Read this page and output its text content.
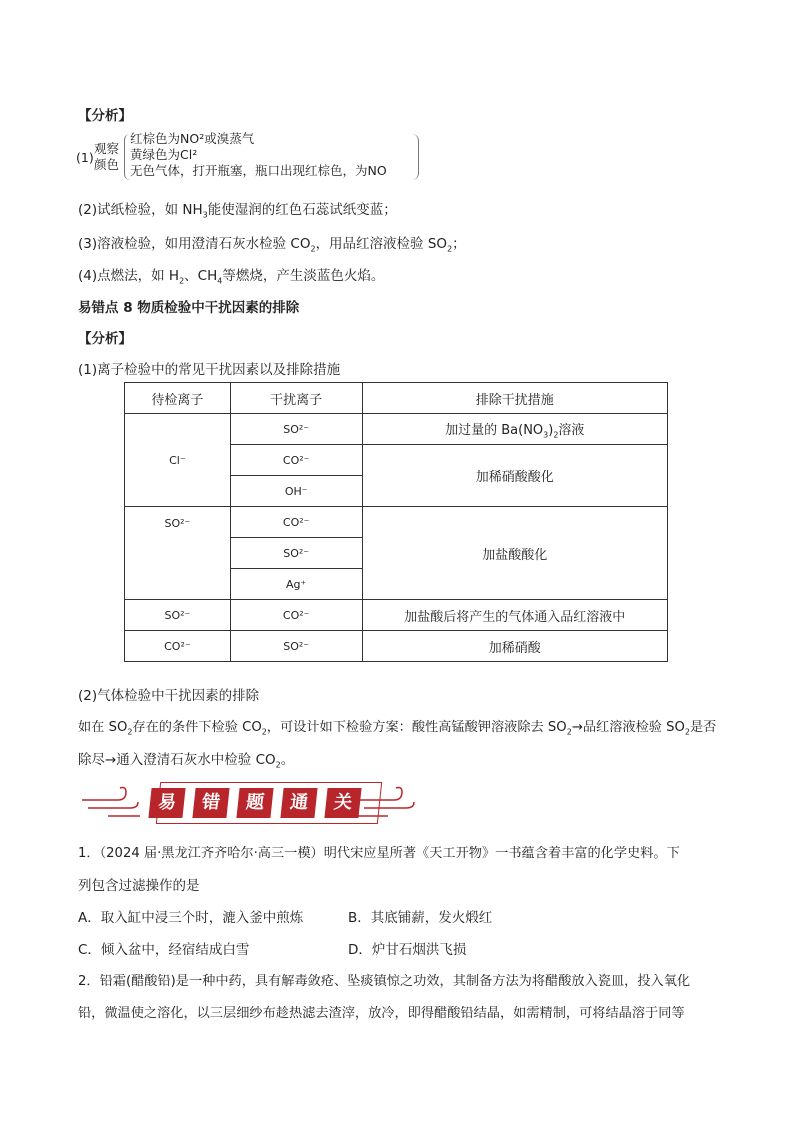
【分析】
(1)
观察
颜色
红棕色为NO²或溴蒸气
黄绿色为Cl²
无色气体，打开瓶塞，瓶口出现红棕色，为NO
(2)试纸检验，如 $NH_3$能使湿润的红色石蕊试纸变蓝；
(3)溶液检验，如用澄清石灰水检验 $CO_2$，用品红溶液检验 $SO_2$；
(4)点燃法，如 $H_2$、$CH_4$等燃烧，产生淡蓝色火焰。
易错点 8 物质检验中干扰因素的排除
【分析】
(1)离子检验中的常见干扰因素以及排除措施
待检离子	干扰离子	排除干扰措施
Cl⁻	SO²⁻	加过量的 $Ba(NO_3)_2$溶液
	CO²⁻	加稀硝酸酸化
	OH⁻	
SO²⁻	CO²⁻	加盐酸酸化
	SO²⁻	
	Ag⁺	
SO²⁻	CO²⁻	加盐酸后将产生的气体通入品红溶液中
CO²⁻	SO²⁻	加稀硝酸
(2)气体检验中干扰因素的排除
如在 $SO_2$存在的条件下检验 $CO_2$，可设计如下检验方案：酸性高锰酸钾溶液除去 $SO_2\to$品红溶液检验 $SO_2$是否
除尽→通入澄清石灰水中检验 $CO_2$。
易	错	题	通	关
1．（2024 届·黑龙江齐齐哈尔·高三一模）明代宋应星所著《天工开物》一书蕴含着丰富的化学史料。下
列包含过滤操作的是
A．取入缸中浸三个时，漉入釜中煎炼	B．其底铺薪，发火煅红
C．倾入盆中，经宿结成白雪	D．炉甘石烟洪飞损
2．铅霜(醋酸铅)是一种中药，具有解毒敛疮、坠痰镇惊之功效，其制备方法为将醋酸放入瓷皿，投入氧化
铅，微温使之溶化，以三层细纱布趁热滤去渣滓，放冷，即得醋酸铅结晶，如需精制，可将结晶溶于同等
